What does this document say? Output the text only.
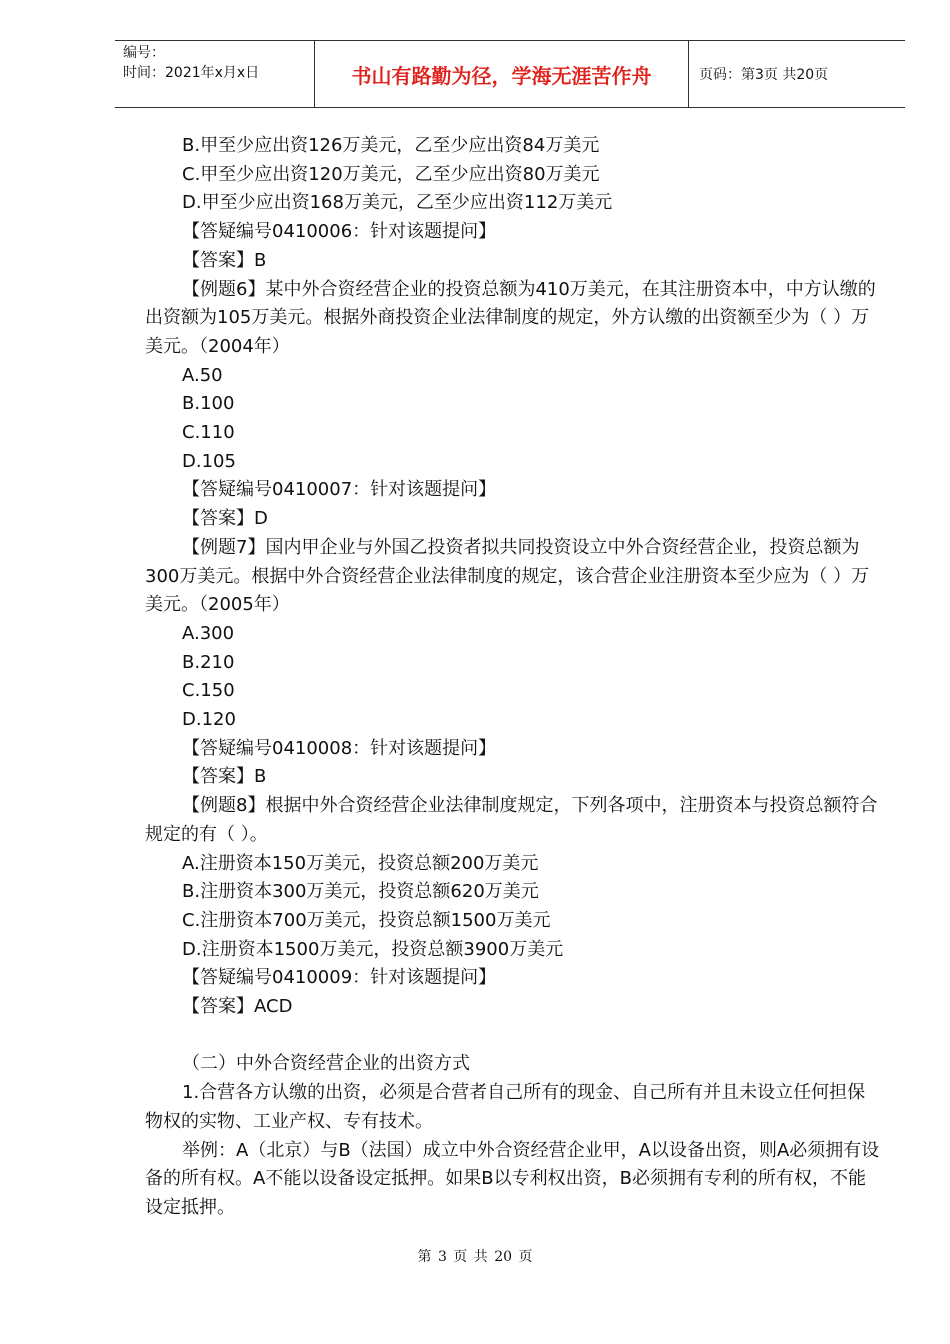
编号：
时间：2021年x月x日	书山有路勤为径，学海无涯苦作舟	页码：第3页 共20页

B.甲至少应出资126万美元，乙至少应出资84万美元

C.甲至少应出资120万美元，乙至少应出资80万美元

D.甲至少应出资168万美元，乙至少应出资112万美元

【答疑编号0410006：针对该题提问】

【答案】B

【例题6】某中外合资经营企业的投资总额为410万美元，在其注册资本中，中方认缴的出资额为105万美元。根据外商投资企业法律制度的规定，外方认缴的出资额至少为（ ）万美元。（2004年）

A.50

B.100

C.110

D.105

【答疑编号0410007：针对该题提问】

【答案】D

【例题7】国内甲企业与外国乙投资者拟共同投资设立中外合资经营企业，投资总额为300万美元。根据中外合资经营企业法律制度的规定，该合营企业注册资本至少应为（ ）万美元。（2005年）

A.300

B.210

C.150

D.120

【答疑编号0410008：针对该题提问】

【答案】B

【例题8】根据中外合资经营企业法律制度规定，下列各项中，注册资本与投资总额符合规定的有（ ）。

A.注册资本150万美元，投资总额200万美元

B.注册资本300万美元，投资总额620万美元

C.注册资本700万美元，投资总额1500万美元

D.注册资本1500万美元，投资总额3900万美元

【答疑编号0410009：针对该题提问】

【答案】ACD

（二）中外合资经营企业的出资方式

1.合营各方认缴的出资，必须是合营者自己所有的现金、自己所有并且未设立任何担保物权的实物、工业产权、专有技术。

举例：A（北京）与B（法国）成立中外合资经营企业甲，A以设备出资，则A必须拥有设备的所有权。A不能以设备设定抵押。如果B以专利权出资，B必须拥有专利的所有权，不能设定抵押。

第 3 页 共 20 页
